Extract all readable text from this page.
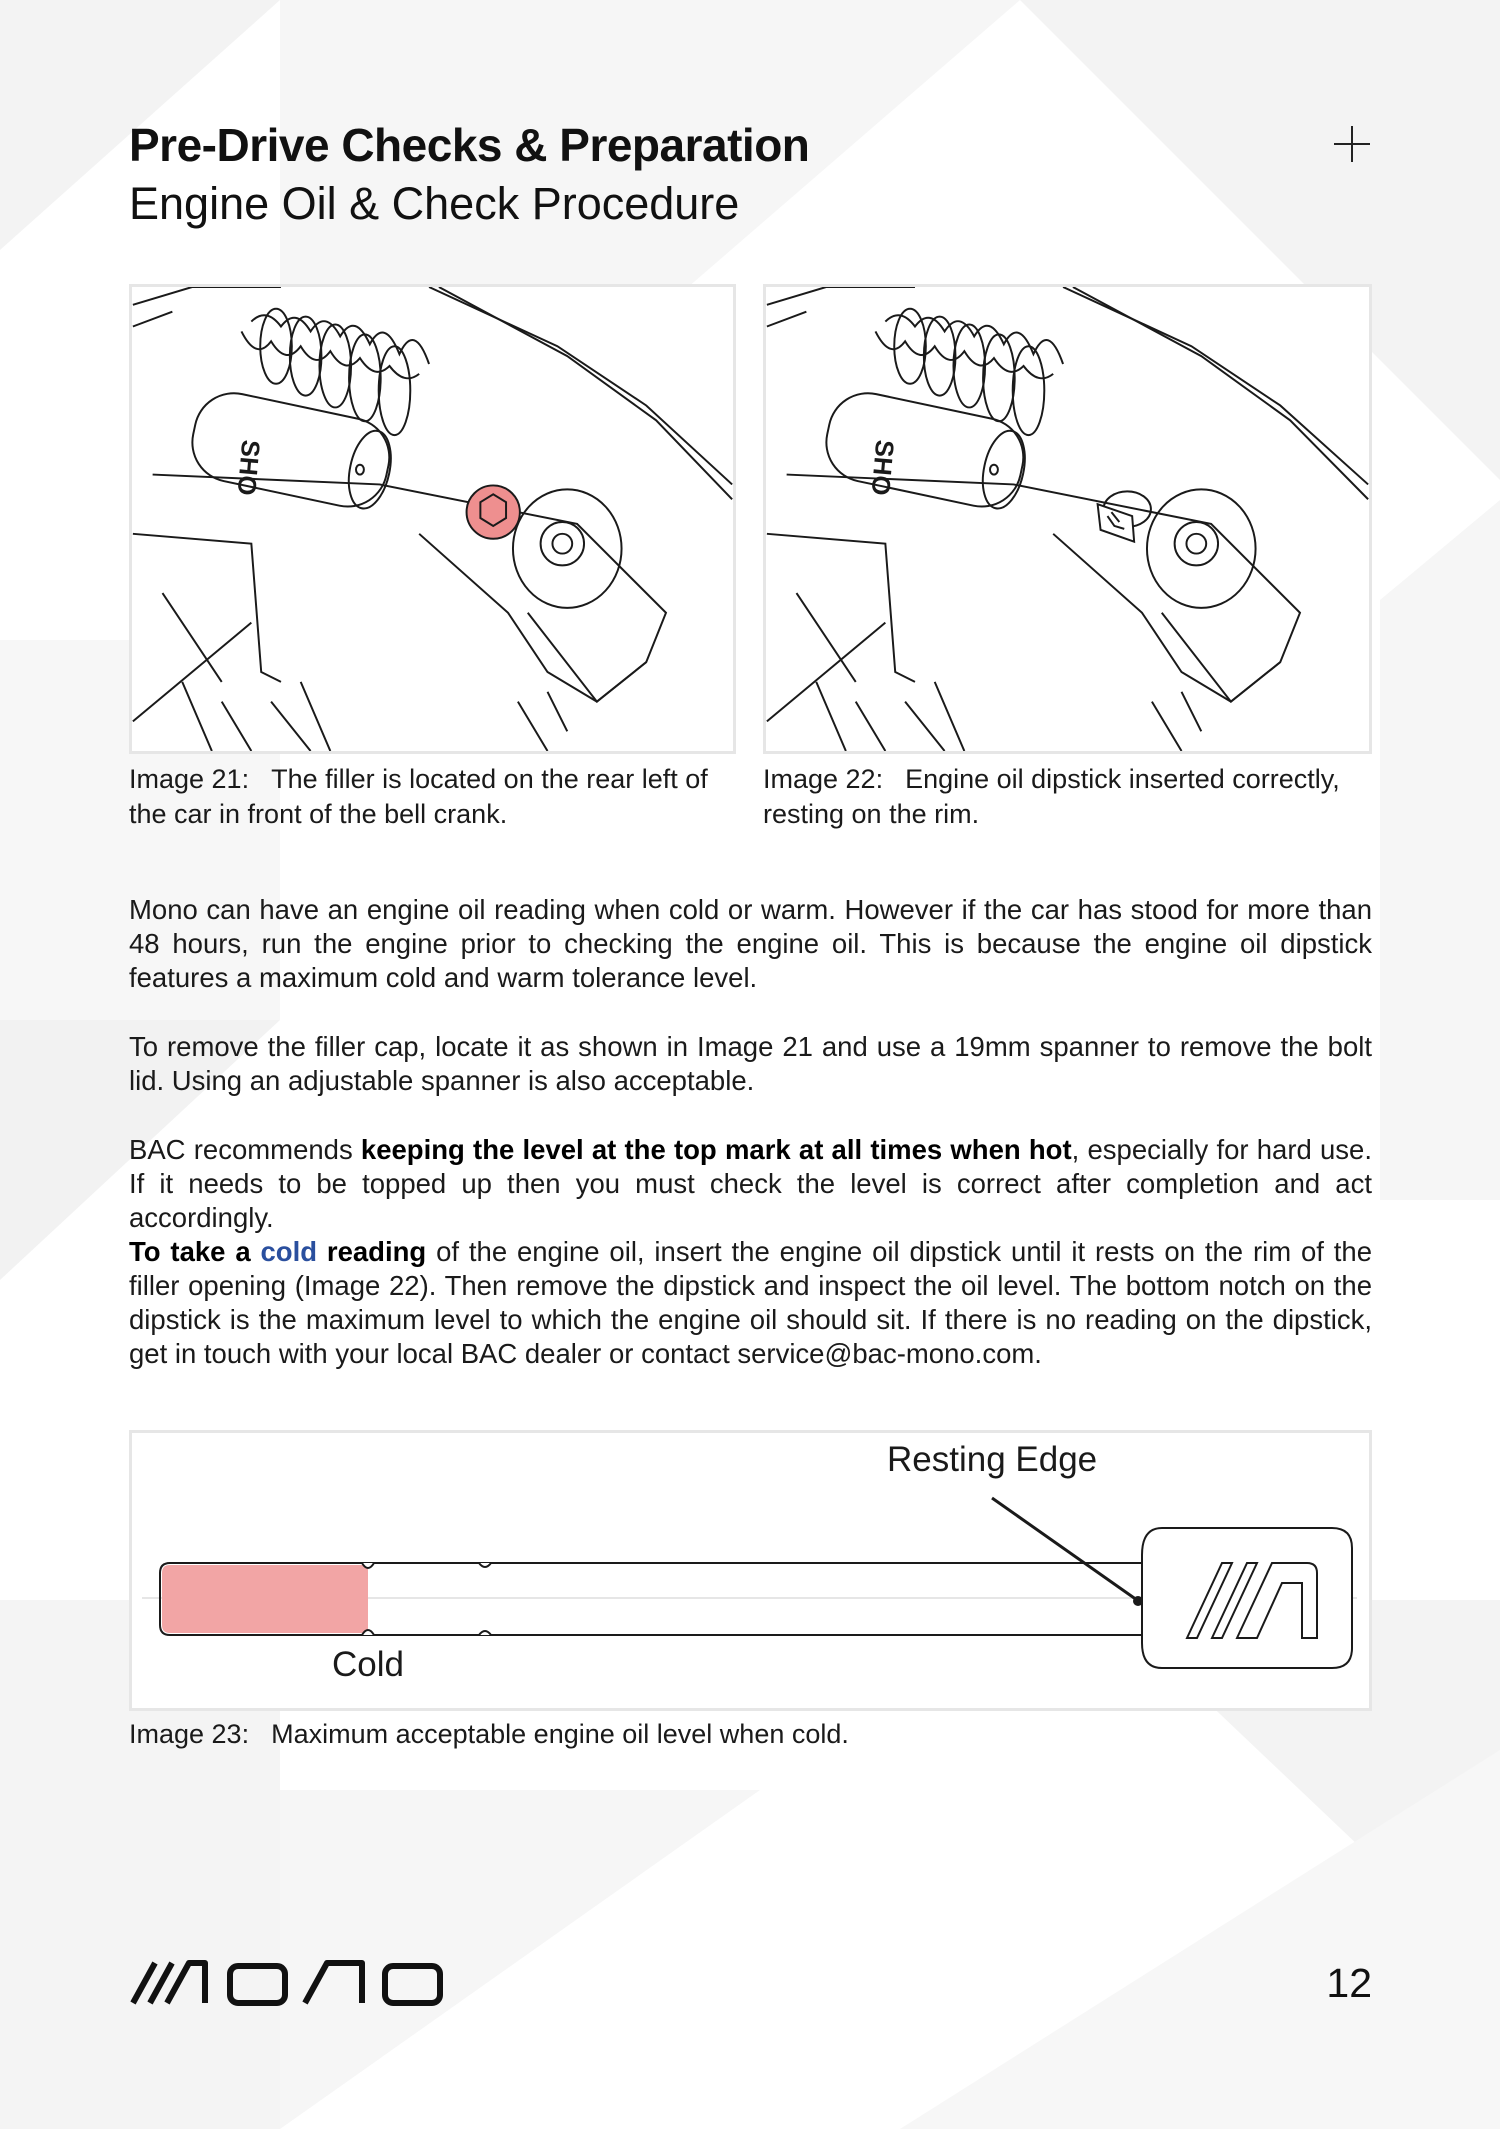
Pre-Drive Checks & Preparation
Engine Oil & Check Procedure
SHO	SHO
Image 21: The filler is located on the rear left of the car in front of the bell crank.
Image 22: Engine oil dipstick inserted correctly, resting on the rim.
Mono can have an engine oil reading when cold or warm. However if the car has stood for more than 48 hours, run the engine prior to checking the engine oil. This is because the engine oil dipstick features a maximum cold and warm tolerance level.
To remove the filler cap, locate it as shown in Image 21 and use a 19mm spanner to remove the bolt lid. Using an adjustable spanner is also acceptable.
BAC recommends keeping the level at the top mark at all times when hot, especially for hard use. If it needs to be topped up then you must check the level is correct after completion and act accordingly.
To take a cold reading of the engine oil, insert the engine oil dipstick until it rests on the rim of the filler opening (Image 22). Then remove the dipstick and inspect the oil level. The bottom notch on the dipstick is the maximum level to which the engine oil should sit. If there is no reading on the dipstick, get in touch with your local BAC dealer or contact service@bac-mono.com.
Resting Edge
Cold
Image 23: Maximum acceptable engine oil level when cold.
12
